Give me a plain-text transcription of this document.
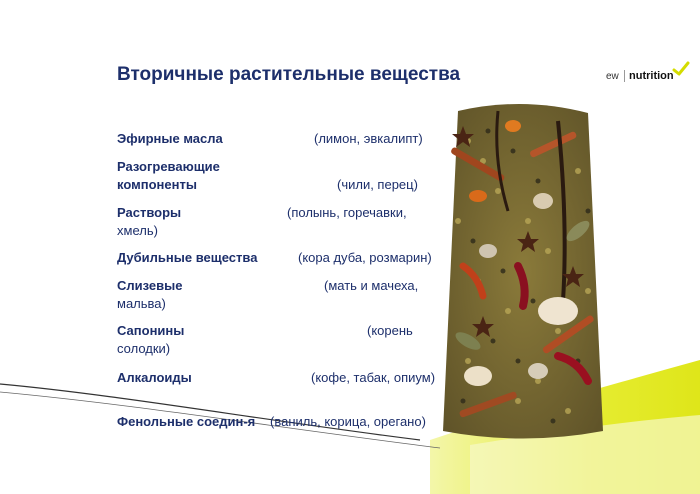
Вторичные растительные вещества	ew nutrition
Эфирные масла	(лимон, эвкалипт)
Разогревающие
компоненты	(чили, перец)
Растворы	(полынь, горечавки,
хмель)
Дубильные вещества	(кора дуба, розмарин)
Слизевые	(мать и мачеха,
мальва)
Сапонины	(корень
солодки)
Алкалоиды	(кофе, табак, опиум)
Фенольные соедин-я (ваниль, корица, орегано)
